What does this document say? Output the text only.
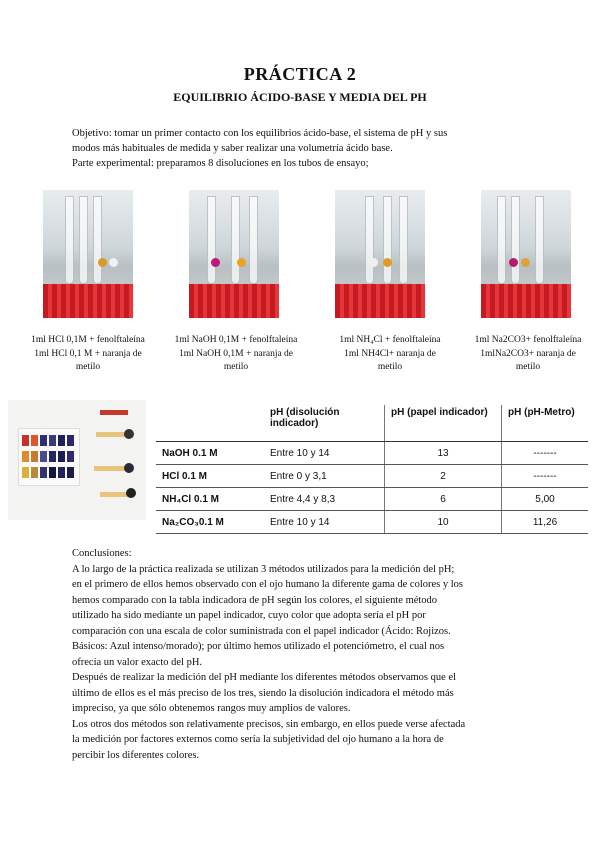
PRÁCTICA 2
EQUILIBRIO ÁCIDO-BASE Y MEDIA DEL PH

Objetivo: tomar un primer contacto con los equilibrios ácido-base, el sistema de pH y sus

modos más habituales de medida y saber realizar una volumetría ácido base.

Parte experimental: preparamos 8 disoluciones en los tubos de ensayo;

1ml HCl 0,1M + fenolftaleína
1ml HCl 0,1 M + naranja de
metilo
1ml NaOH 0,1M + fenolftaleína
1ml NaOH 0,1M + naranja de
metilo
1ml NH₄Cl + fenolftaleína
1ml NH4Cl+ naranja de
metilo
1ml Na2CO3+ fenolftaleína
1mlNa2CO3+ naranja de
metilo
	pH (disolución indicador)	pH (papel indicador)	pH (pH-Metro)
NaOH 0.1 M	Entre 10 y 14	13	-------
HCl 0.1 M	Entre 0 y 3,1	2	-------
NH₄Cl 0.1 M	Entre 4,4 y 8,3	6	5,00
Na₂CO₃0.1 M	Entre 10 y 14	10	11,26

Conclusiones:

A lo largo de la práctica realizada se utilizan 3 métodos utilizados para la medición del pH;

en el primero de ellos hemos observado con el ojo humano la diferente gama de colores y los

hemos comparado con la tabla indicadora de pH según los colores, el siguiente método

utilizado ha sido mediante un papel indicador, cuyo color que adopta sería el pH por

comparación con una escala de color suministrada con el papel indicador (Ácido: Rojizos.

Básicos: Azul intenso/morado); por último hemos utilizado el potenciómetro, el cual nos

ofrecía un valor exacto del pH.

Después de realizar la medición del pH mediante los diferentes métodos observamos que el

último de ellos es el más preciso de los tres, siendo la disolución indicadora el método más

impreciso, ya que sólo obtenemos rangos muy amplios de valores.

Los otros dos métodos son relativamente precisos, sin embargo, en ellos puede verse afectada

la medición por factores externos como sería la subjetividad del ojo humano a la hora de

percibir los diferentes colores.
